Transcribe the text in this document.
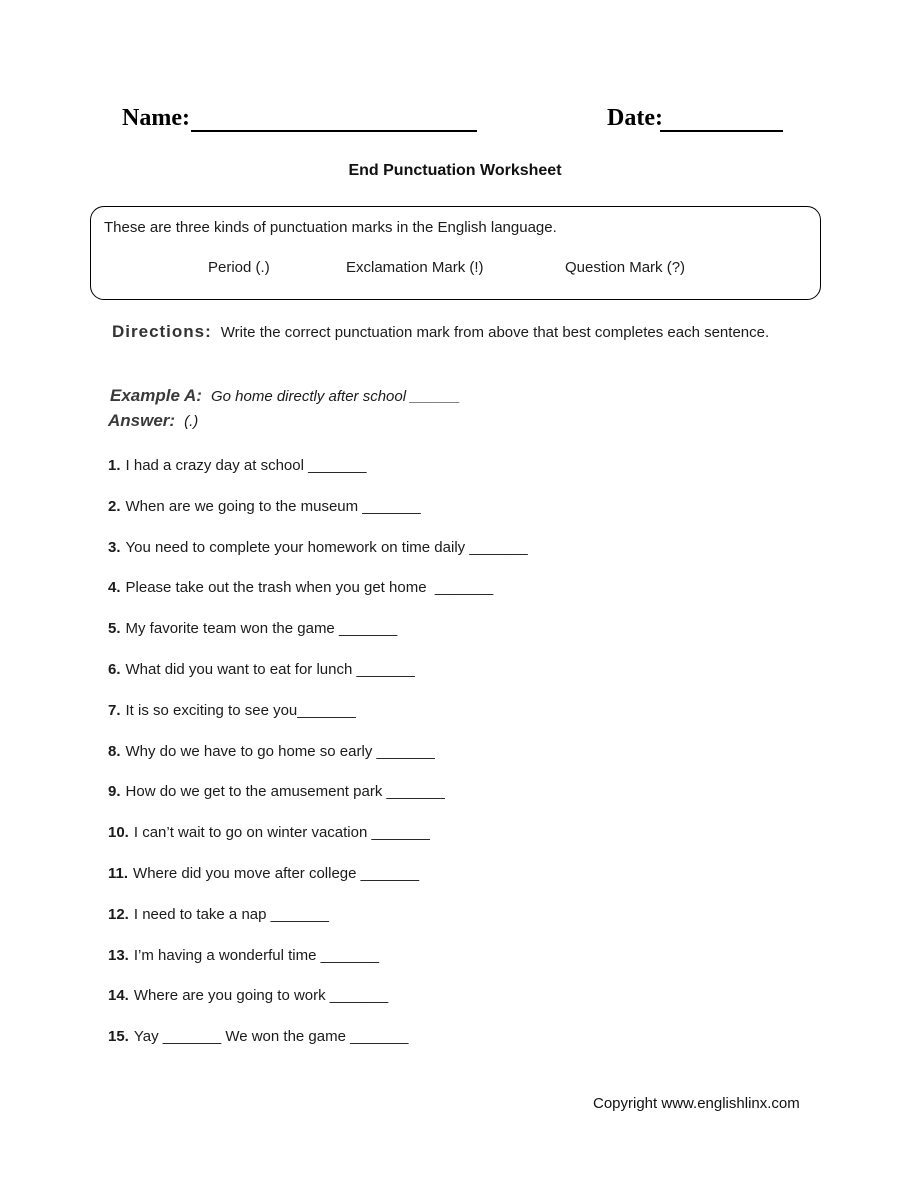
Name:	Date:
End Punctuation Worksheet
These are three kinds of punctuation marks in the English language.
Period (.)	Exclamation Mark (!)	Question Mark (?)
Directions: Write the correct punctuation mark from above that best completes each sentence.
Example A: Go home directly after school ______
Answer: (.)
1. I had a crazy day at school _______
2. When are we going to the museum _______
3. You need to complete your homework on time daily _______
4. Please take out the trash when you get home  _______
5. My favorite team won the game _______
6. What did you want to eat for lunch _______
7. It is so exciting to see you_______
8. Why do we have to go home so early _______
9. How do we get to the amusement park _______
10. I can’t wait to go on winter vacation _______
11. Where did you move after college _______
12. I need to take a nap _______
13. I’m having a wonderful time _______
14. Where are you going to work _______
15. Yay _______ We won the game _______
Copyright www.englishlinx.com
